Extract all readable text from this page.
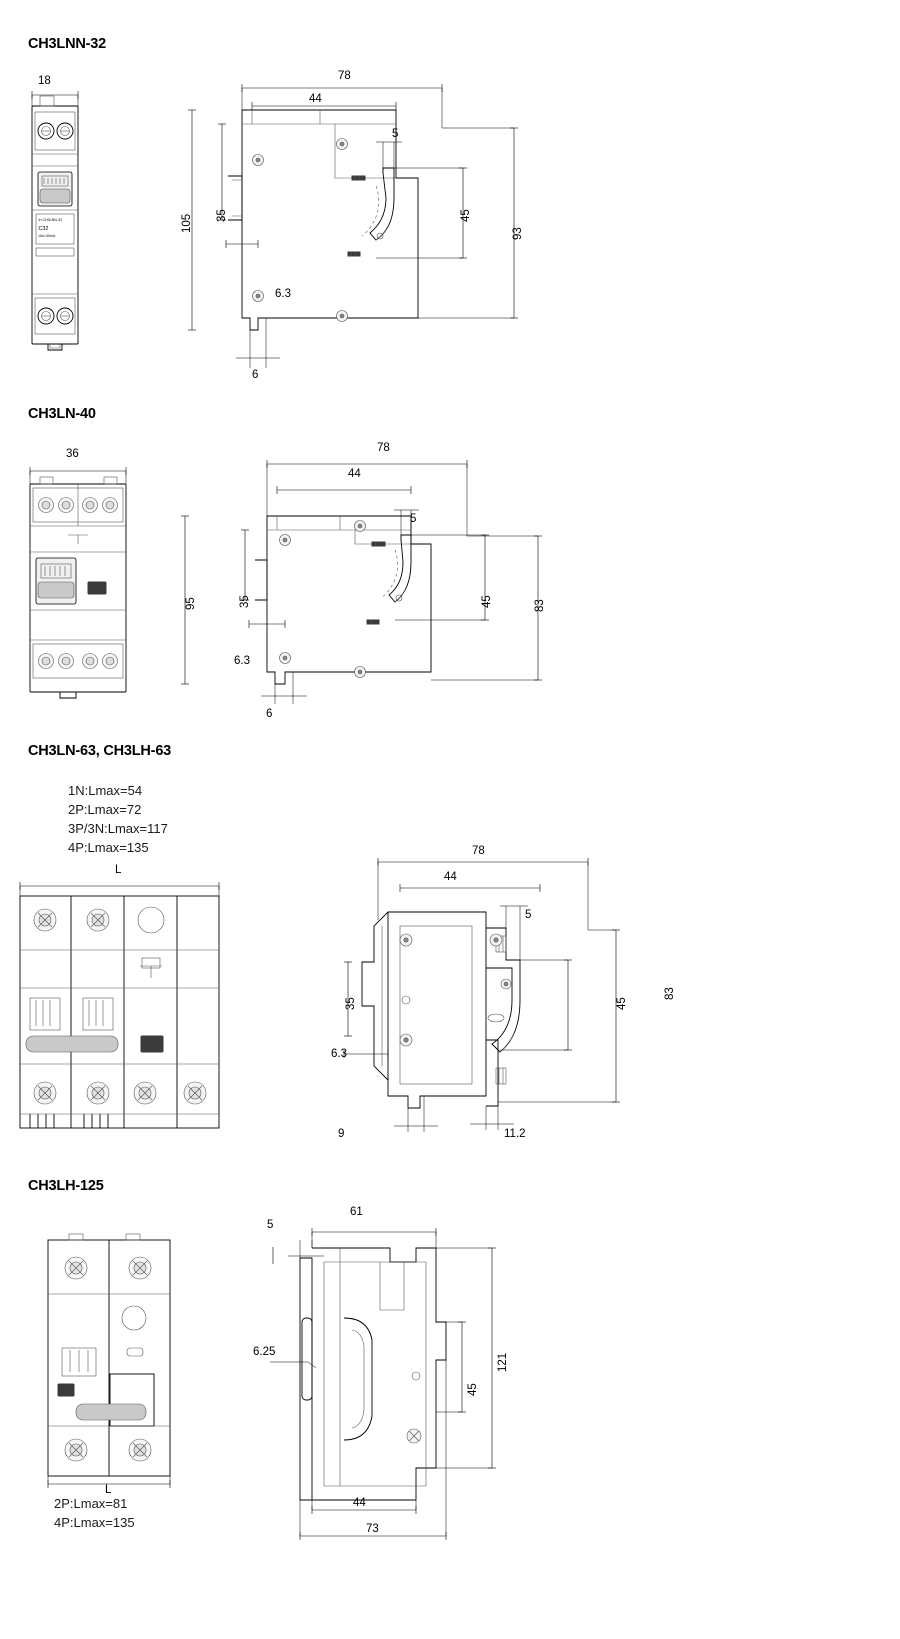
CH3LNN-32
In CH3LNN-32
C32
IΔn=30mA
18
105
78
44
5
35	45
93
6.3
6
CH3LN-40
36
95
78
44
5
35	45	83
6.3
6
CH3LN-63, CH3LH-63
1N:Lmax=54
2P:Lmax=72
3P/3N:Lmax=117
4P:Lmax=135
L
78
44
5
35	45
83
6.3
9	11.2
CH3LH-125
L
2P:Lmax=81
4P:Lmax=135
61
5
121
45
6.25
44
73
